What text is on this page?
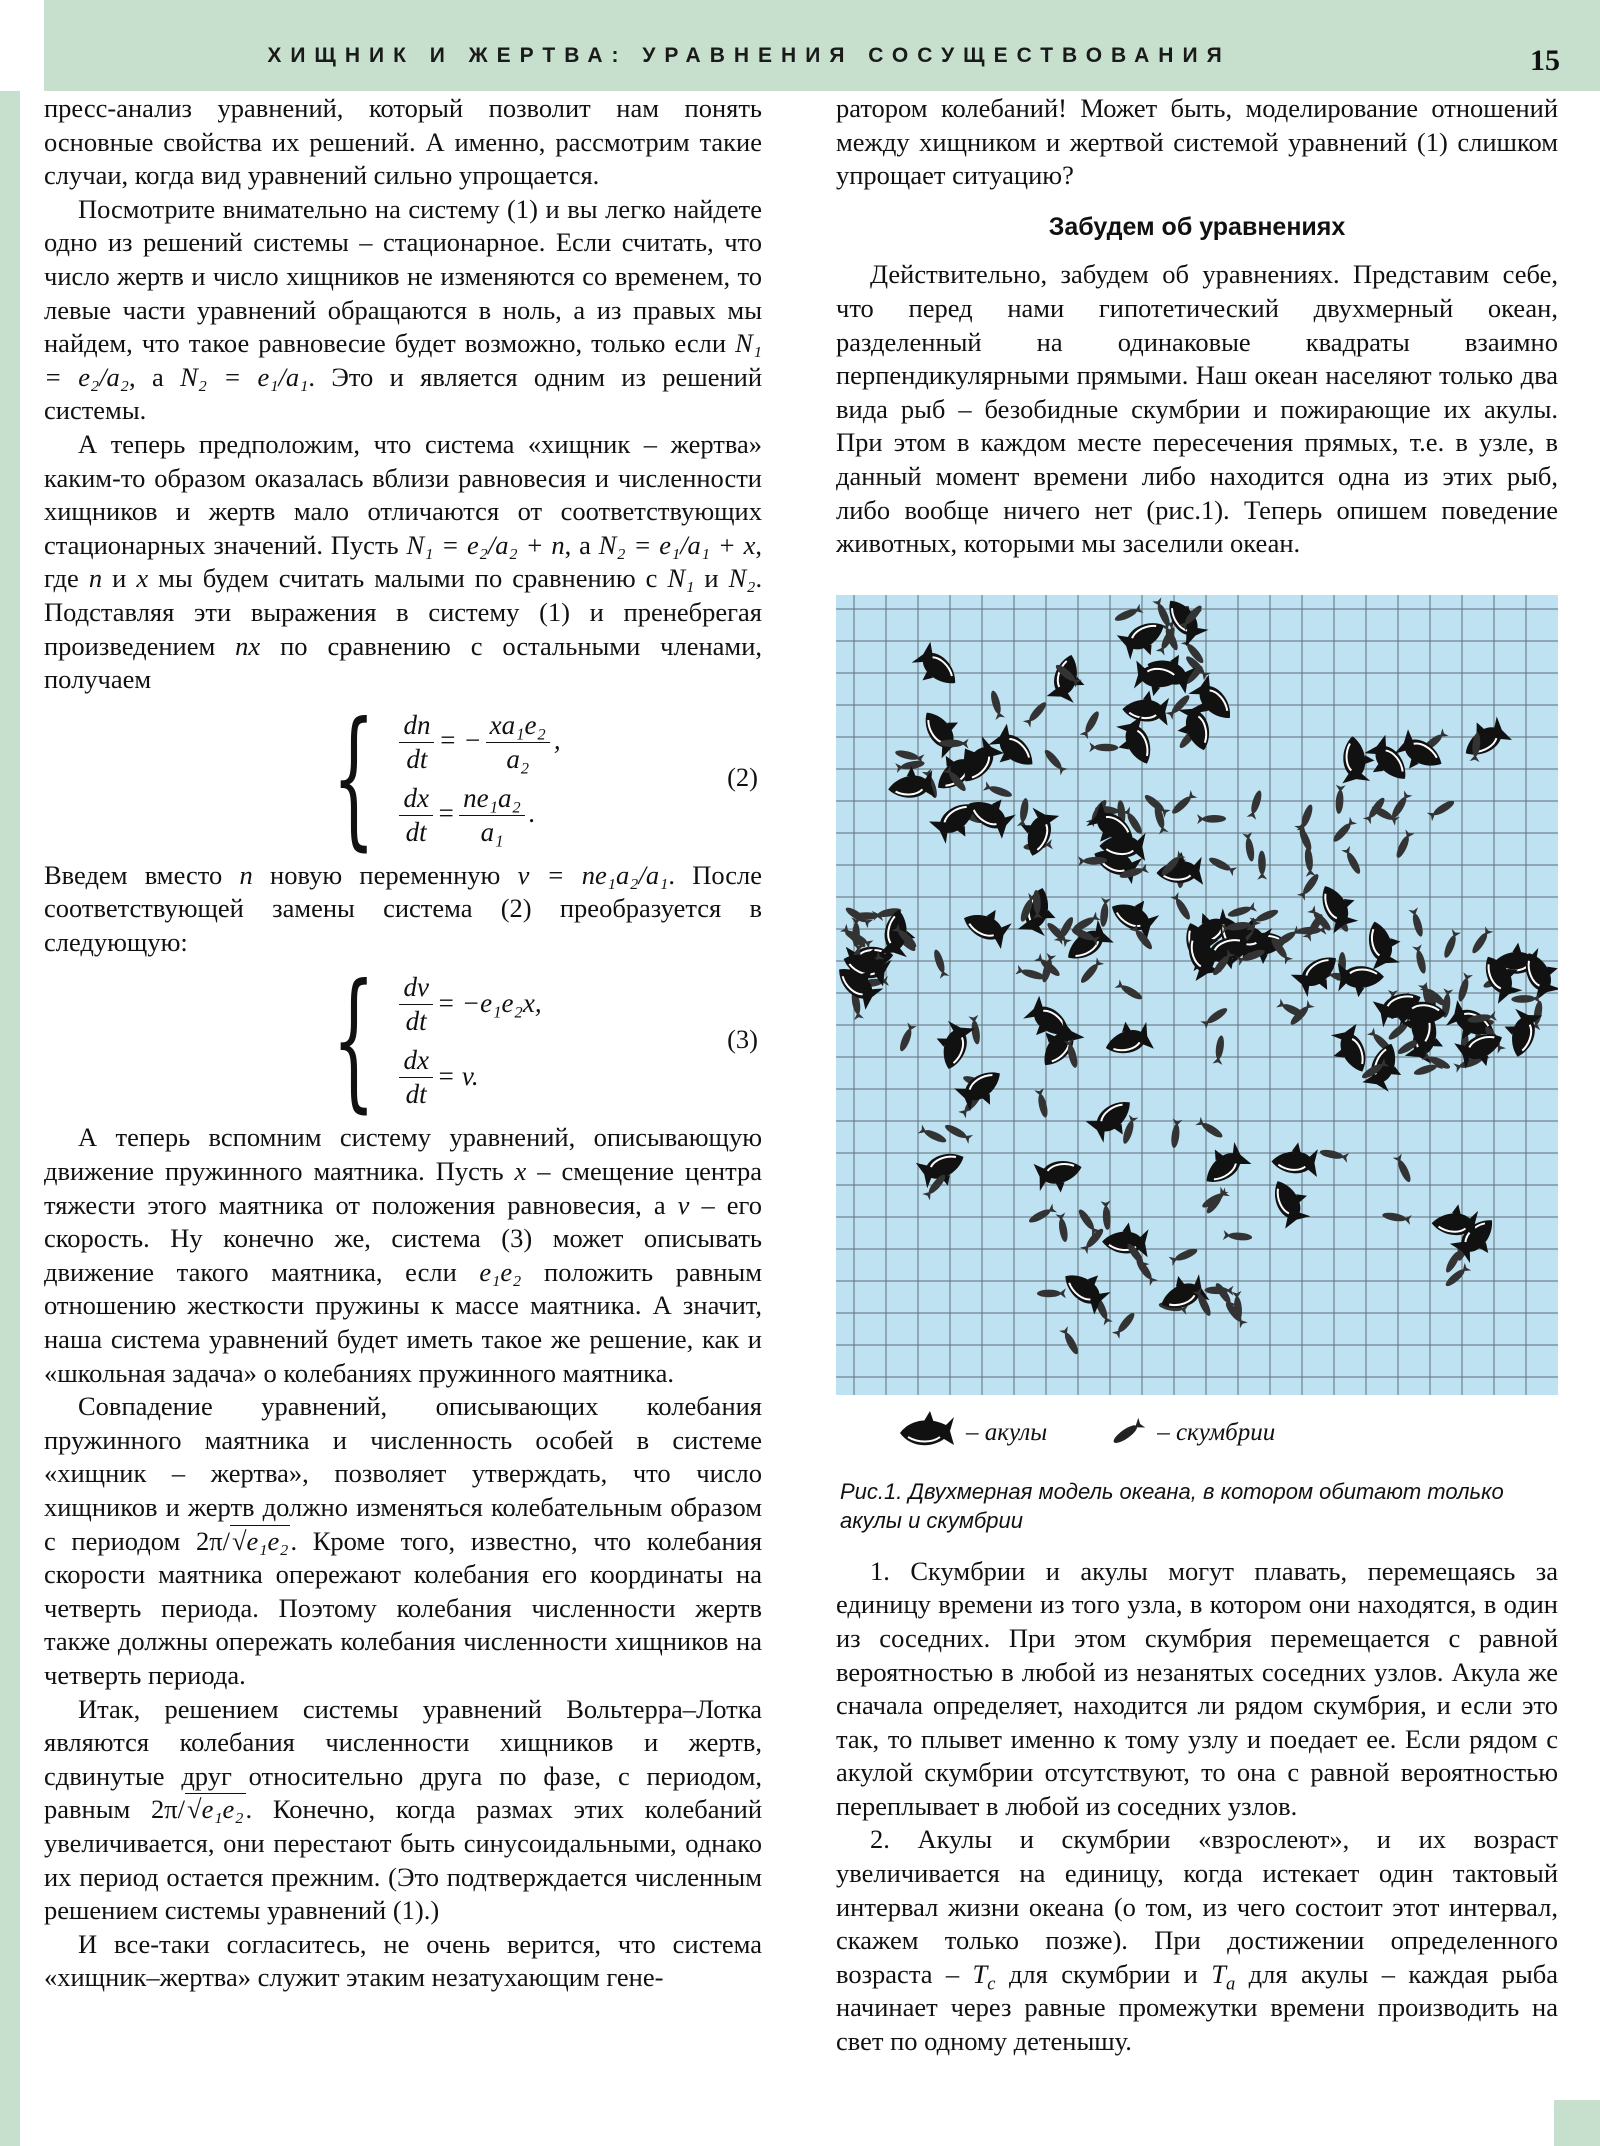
ХИЩНИК И ЖЕРТВА: УРАВНЕНИЯ СОСУЩЕСТВОВАНИЯ	15

пресс-анализ уравнений, который позволит нам понять основные свойства их решений. А именно, рассмотрим такие случаи, когда вид уравнений сильно упрощается.

Посмотрите внимательно на систему (1) и вы легко найдете одно из решений системы – стационарное. Если считать, что число жертв и число хищников не изменяются со временем, то левые части уравнений обращаются в ноль, а из правых мы найдем, что такое равновесие будет возможно, только если N₁ = e₂/a₂, а N₂ = e₁/a₁. Это и является одним из решений системы.

А теперь предположим, что система «хищник – жертва» каким-то образом оказалась вблизи равновесия и численности хищников и жертв мало отличаются от соответствующих стационарных значений. Пусть N₁ = e₂/a₂ + n, а N₂ = e₁/a₁ + x, где n и x мы будем считать малыми по сравнению с N₁ и N₂. Подставляя эти выражения в систему (1) и пренебрегая произведением nx по сравнению с остальными членами, получаем

{ $\frac{dn}{dt}$ = − $\frac{\text{xa₁e₂}}{\text{a₂}}$ ,
$\frac{dx}{dt} = \frac{\text{ne₁a₂}}{\text{a₁}}$ .
(2)

Введем вместо n новую переменную v = ne₁a₂/a₁. После соответствующей замены система (2) преобразуется в следующую:

{ $\frac{dv}{dt} = -e_1e_2x$,
$\frac{dx}{dt} = v$.
(3)

А теперь вспомним систему уравнений, описывающую движение пружинного маятника. Пусть x – смещение центра тяжести этого маятника от положения равновесия, а v – его скорость. Ну конечно же, система (3) может описывать движение такого маятника, если e₁e₂ положить равным отношению жесткости пружины к массе маятника. А значит, наша система уравнений будет иметь такое же решение, как и «школьная задача» о колебаниях пружинного маятника.

Совпадение уравнений, описывающих колебания пружинного маятника и численность особей в системе «хищник – жертва», позволяет утверждать, что число хищников и жертв должно изменяться колебательным образом с периодом 2π/√e₁e₂. Кроме того, известно, что колебания скорости маятника опережают колебания его координаты на четверть периода. Поэтому колебания численности жертв также должны опережать колебания численности хищников на четверть периода.

Итак, решением системы уравнений Вольтерра–Лотка являются колебания численности хищников и жертв, сдвинутые друг относительно друга по фазе, с периодом, равным 2π/√e₁e₂. Конечно, когда размах этих колебаний увеличивается, они перестают быть синусоидальными, однако их период остается прежним. (Это подтверждается численным решением системы уравнений (1).)

И все-таки согласитесь, не очень верится, что система «хищник–жертва» служит этаким незатухающим гене-

ратором колебаний! Может быть, моделирование отношений между хищником и жертвой системой уравнений (1) слишком упрощает ситуацию?

Забудем об уравнениях

Действительно, забудем об уравнениях. Представим себе, что перед нами гипотетический двухмерный океан, разделенный на одинаковые квадраты взаимно перпендикулярными прямыми. Наш океан населяют только два вида рыб – безобидные скумбрии и пожирающие их акулы. При этом в каждом месте пересечения прямых, т.е. в узле, в данный момент времени либо находится одна из этих рыб, либо вообще ничего нет (рис.1). Теперь опишем поведение животных, которыми мы заселили океан.

– акулы	– скумбрии
Рис.1. Двухмерная модель океана, в котором обитают только акулы и скумбрии

1. Скумбрии и акулы могут плавать, перемещаясь за единицу времени из того узла, в котором они находятся, в один из соседних. При этом скумбрия перемещается с равной вероятностью в любой из незанятых соседних узлов. Акула же сначала определяет, находится ли рядом скумбрия, и если это так, то плывет именно к тому узлу и поедает ее. Если рядом с акулой скумбрии отсутствуют, то она с равной вероятностью переплывает в любой из соседних узлов.

2. Акулы и скумбрии «взрослеют», и их возраст увеличивается на единицу, когда истекает один тактовый интервал жизни океана (о том, из чего состоит этот интервал, скажем только позже). При достижении определенного возраста – $T_c$ для скумбрии и $T_a$ для акулы – каждая рыба начинает через равные промежутки времени производить на свет по одному детенышу.
